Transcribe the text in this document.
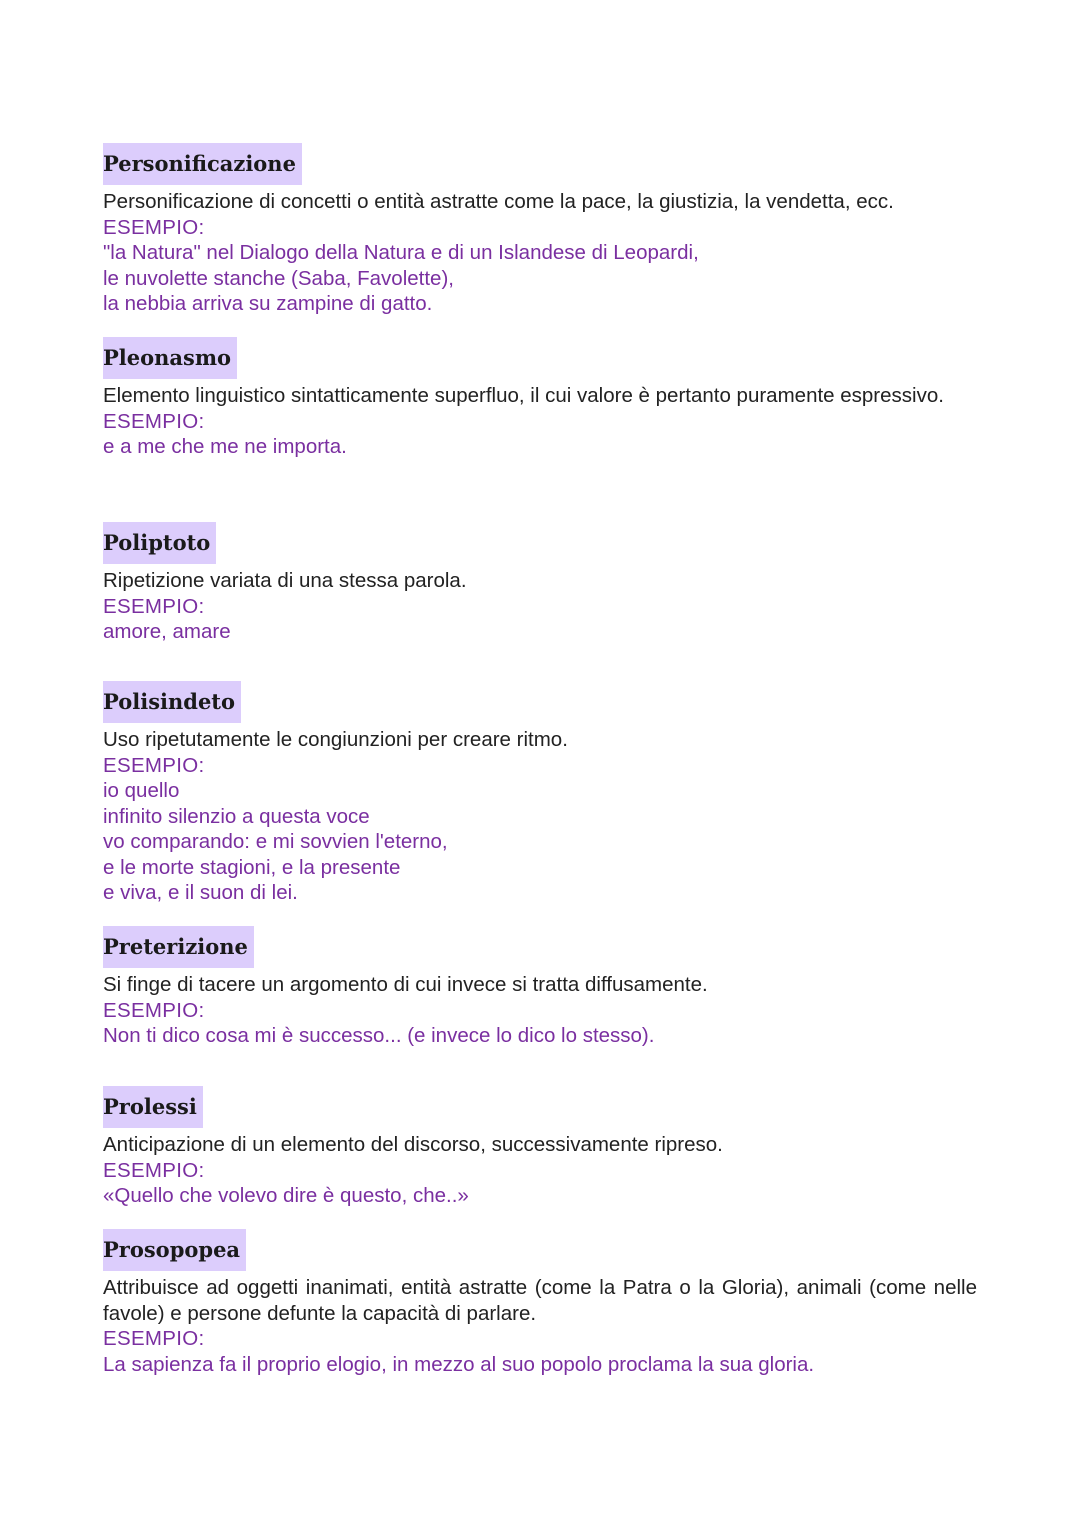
Personificazione

Personificazione di concetti o entità astratte come la pace, la giustizia, la vendetta, ecc.

ESEMPIO:

"la Natura" nel Dialogo della Natura e di un Islandese di Leopardi,

le nuvolette stanche (Saba, Favolette),

la nebbia arriva su zampine di gatto.

Pleonasmo

Elemento linguistico sintatticamente superfluo, il cui valore è pertanto puramente espressivo.

ESEMPIO:

e a me che me ne importa.

Poliptoto

Ripetizione variata di una stessa parola.

ESEMPIO:

amore, amare

Polisindeto

Uso ripetutamente le congiunzioni per creare ritmo.

ESEMPIO:

io quello

infinito silenzio a questa voce

vo comparando: e mi sovvien l'eterno,

e le morte stagioni, e la presente

e viva, e il suon di lei.

Preterizione

Si finge di tacere un argomento di cui invece si tratta diffusamente.

ESEMPIO:

Non ti dico cosa mi è successo... (e invece lo dico lo stesso).

Prolessi

Anticipazione di un elemento del discorso, successivamente ripreso.

ESEMPIO:

«Quello che volevo dire è questo, che..»

Prosopopea

Attribuisce ad oggetti inanimati, entità astratte (come la Patra o la Gloria), animali (come nelle favole) e persone defunte la capacità di parlare.

ESEMPIO:

La sapienza fa il proprio elogio, in mezzo al suo popolo proclama la sua gloria.
